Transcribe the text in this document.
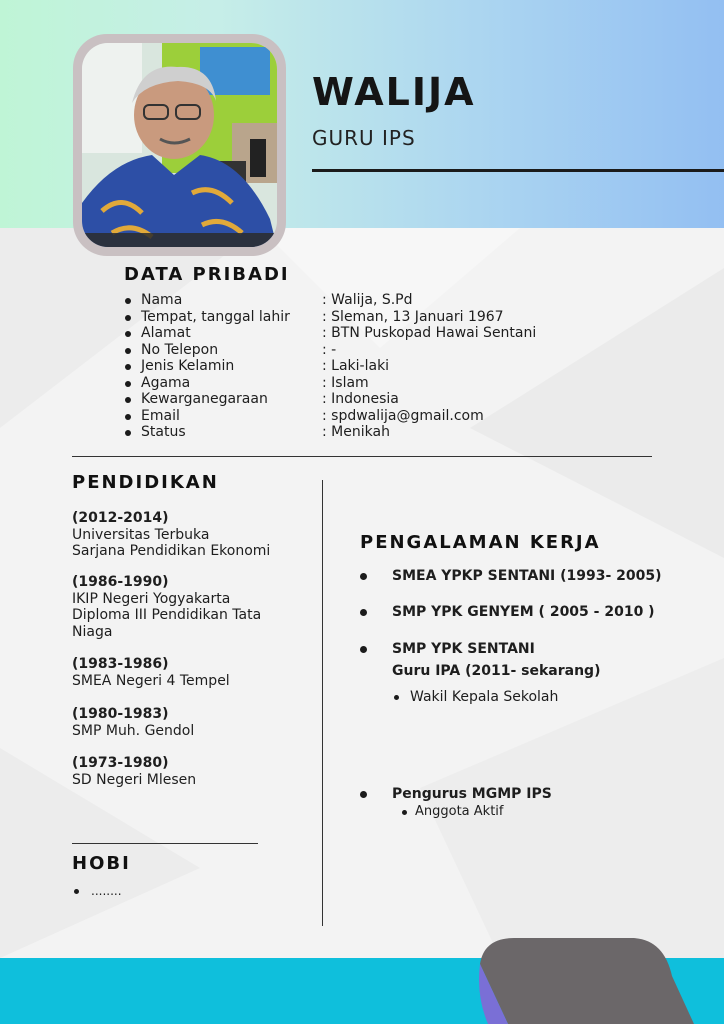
WALIJA
GURU IPS
DATA PRIBADI
Nama	: Walija, S.Pd
Tempat, tanggal lahir : Sleman, 13 Januari 1967
Alamat	: BTN Puskopad Hawai Sentani
No Telepon	: -
Jenis Kelamin	: Laki-laki
Agama	: Islam
Kewarganegaraan	: Indonesia
Email	: spdwalija@gmail.com
Status	: Menikah
PENDIDIKAN
(2012-2014)
Universitas Terbuka
Sarjana Pendidikan Ekonomi
(1986-1990)
IKIP Negeri Yogyakarta
Diploma III Pendidikan Tata
Niaga
(1983-1986)
SMEA Negeri 4 Tempel
(1980-1983)
SMP Muh. Gendol
(1973-1980)
SD Negeri Mlesen
PENGALAMAN KERJA
SMEA YPKP SENTANI (1993- 2005)
SMP YPK GENYEM ( 2005 - 2010 )
SMP YPK SENTANI
Guru IPA (2011- sekarang)
Wakil Kepala Sekolah
Pengurus MGMP IPS
Anggota Aktif
HOBI
........
